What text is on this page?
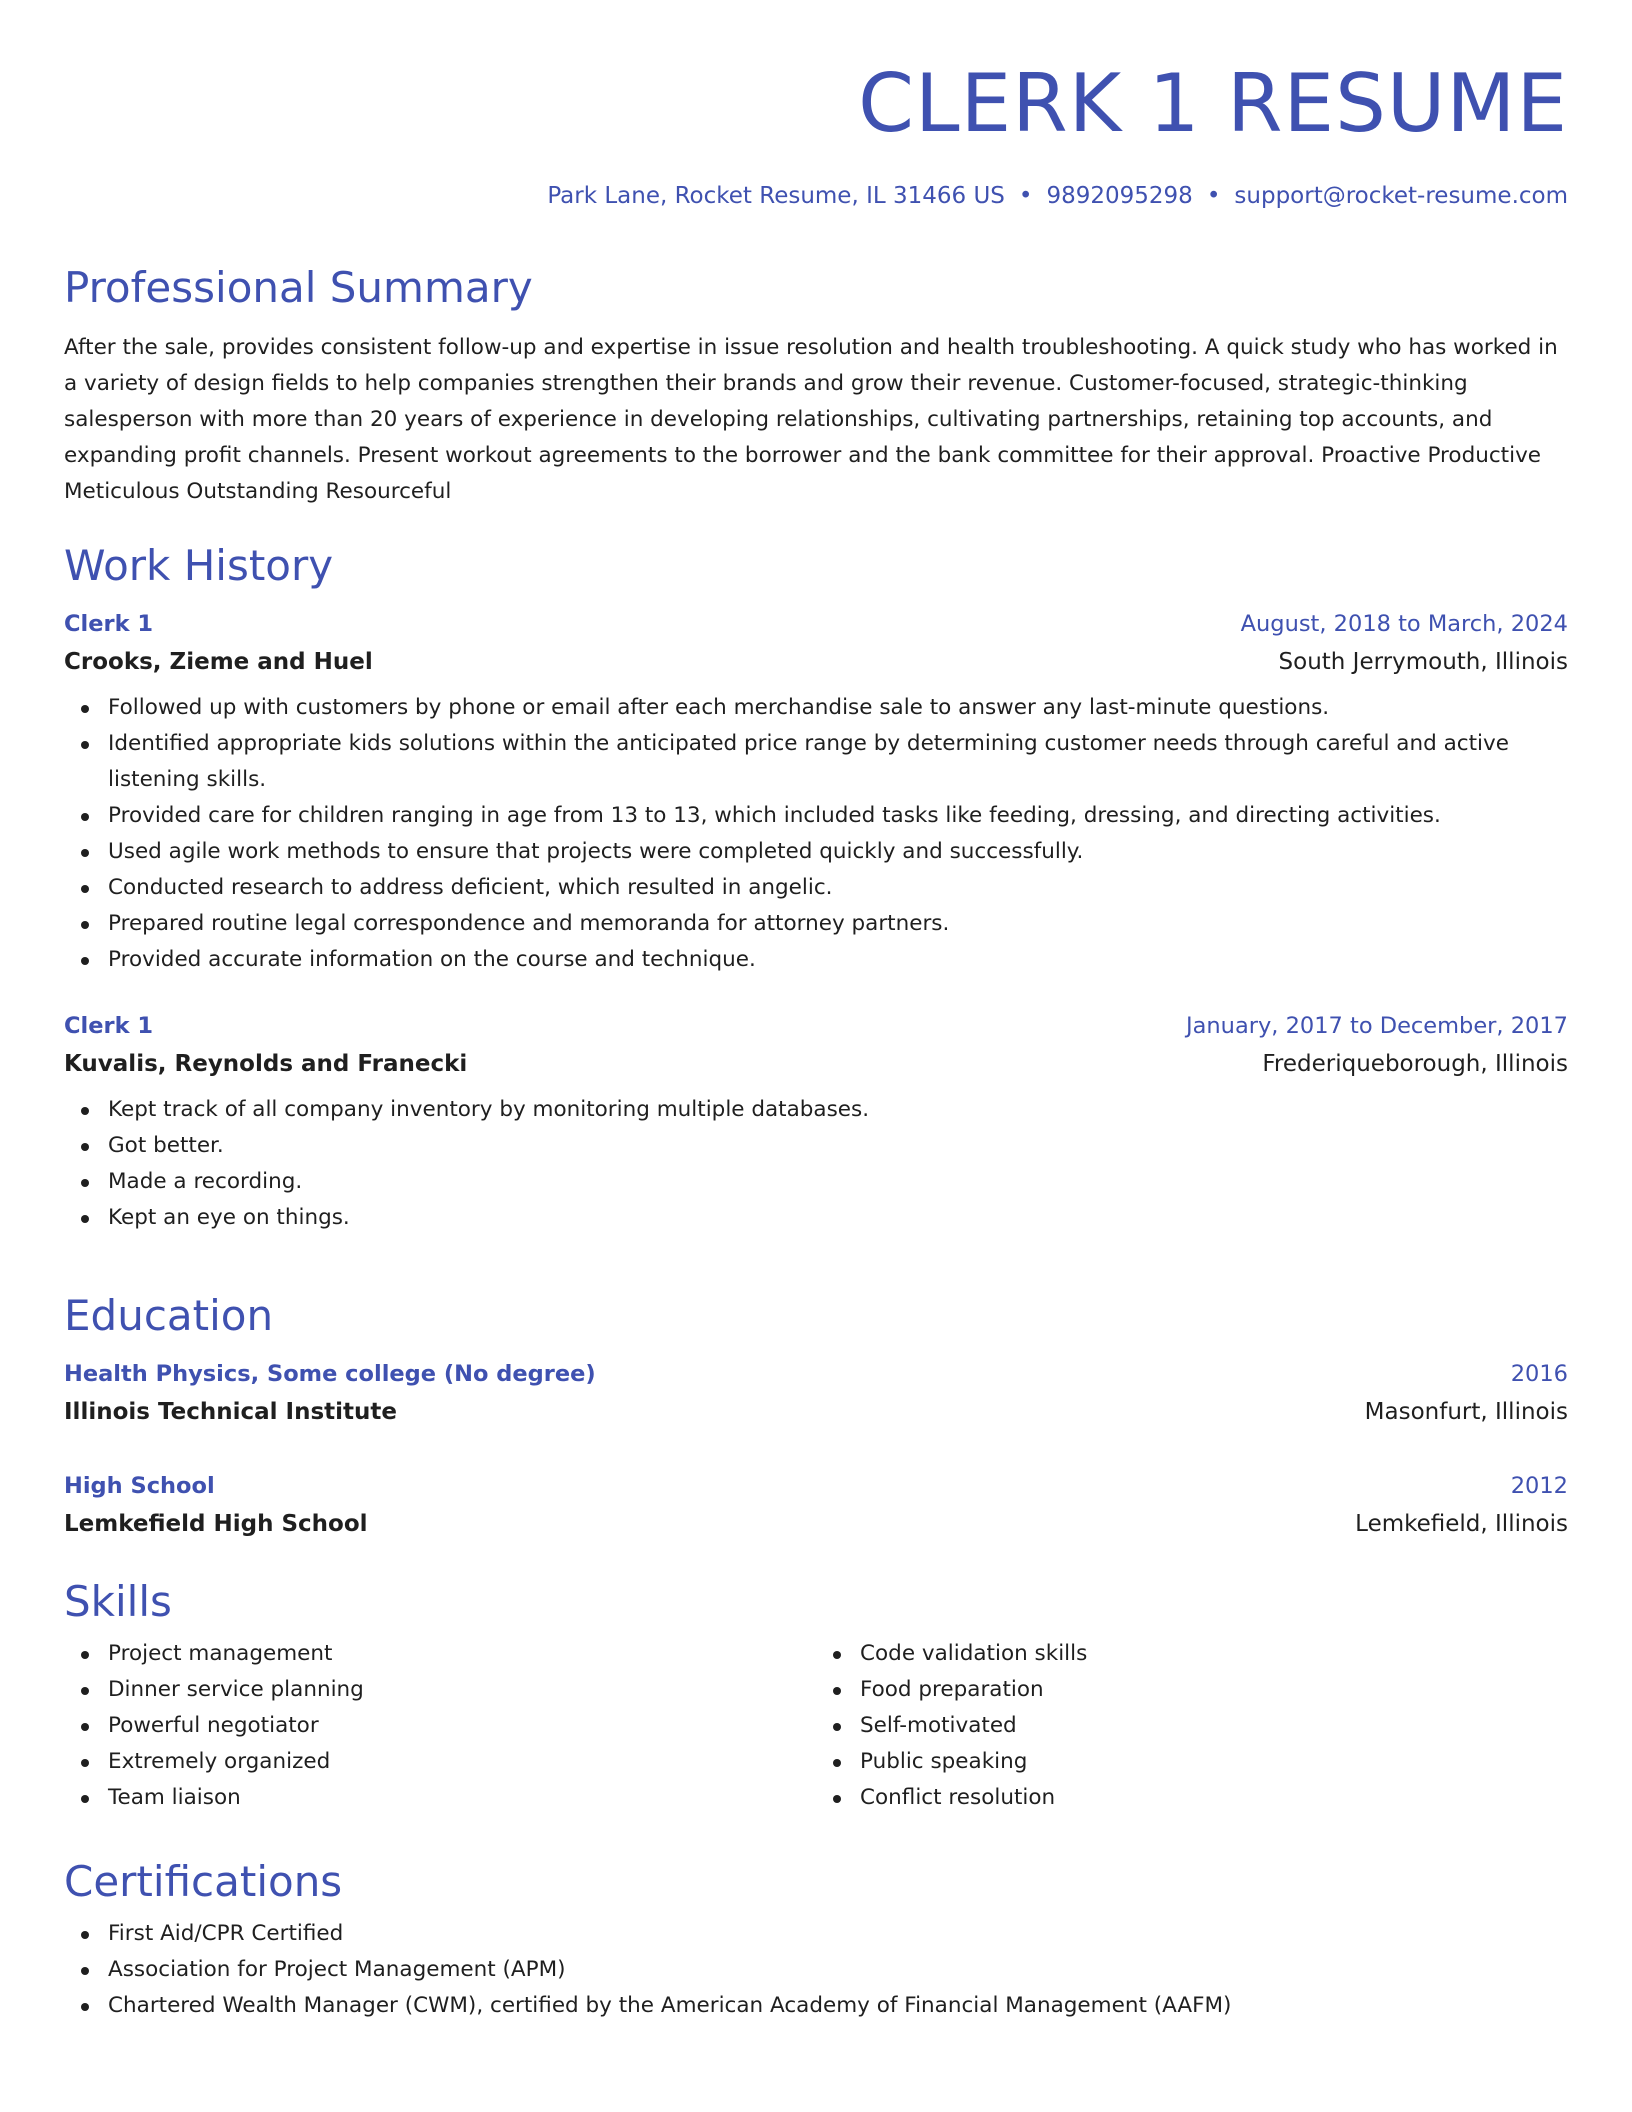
CLERK 1 RESUME
Park Lane, Rocket Resume, IL 31466 US • 9892095298 • support@rocket-resume.com
Professional Summary

After the sale, provides consistent follow-up and expertise in issue resolution and health troubleshooting. A quick study who has worked in a variety of design fields to help companies strengthen their brands and grow their revenue. Customer-focused, strategic-thinking salesperson with more than 20 years of experience in developing relationships, cultivating partnerships, retaining top accounts, and expanding profit channels. Present workout agreements to the borrower and the bank committee for their approval. Proactive Productive Meticulous Outstanding Resourceful

Work History
Clerk 1	August, 2018 to March, 2024
Crooks, Zieme and Huel	South Jerrymouth, Illinois
Followed up with customers by phone or email after each merchandise sale to answer any last-minute questions.
Identified appropriate kids solutions within the anticipated price range by determining customer needs through careful and active listening skills.
Provided care for children ranging in age from 13 to 13, which included tasks like feeding, dressing, and directing activities.
Used agile work methods to ensure that projects were completed quickly and successfully.
Conducted research to address deficient, which resulted in angelic.
Prepared routine legal correspondence and memoranda for attorney partners.
Provided accurate information on the course and technique.
Clerk 1	January, 2017 to December, 2017
Kuvalis, Reynolds and Franecki	Frederiqueborough, Illinois
Kept track of all company inventory by monitoring multiple databases.
Got better.
Made a recording.
Kept an eye on things.
Education
Health Physics, Some college (No degree)	2016
Illinois Technical Institute	Masonfurt, Illinois
High School	2012
Lemkefield High School	Lemkefield, Illinois
Skills
Project management
Dinner service planning
Powerful negotiator
Extremely organized
Team liaison
Code validation skills
Food preparation
Self-motivated
Public speaking
Conflict resolution
Certifications
First Aid/CPR Certified
Association for Project Management (APM)
Chartered Wealth Manager (CWM), certified by the American Academy of Financial Management (AAFM)
